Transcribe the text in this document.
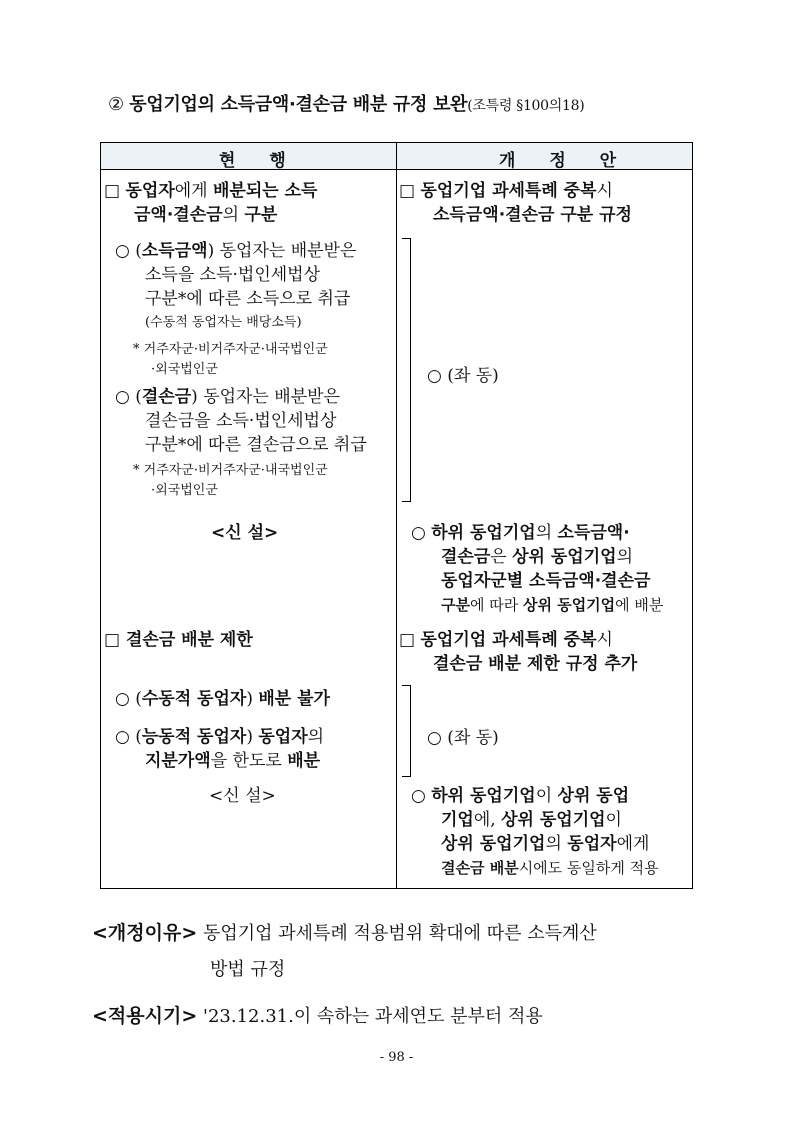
② 동업기업의 소득금액·결손금 배분 규정 보완(조특령 §100의18)
현 행	개 정 안
□ 동업자에게 배분되는 소득
금액·결손금의 구분
○ (소득금액) 동업자는 배분받은
소득을 소득·법인세법상
구분*에 따른 소득으로 취급
(수동적 동업자는 배당소득)
* 거주자군·비거주자군·내국법인군
·외국법인군
○ (결손금) 동업자는 배분받은
결손금을 소득·법인세법상
구분*에 따른 결손금으로 취급
* 거주자군·비거주자군·내국법인군
·외국법인군
<신 설>
□ 결손금 배분 제한
○ (수동적 동업자) 배분 불가
○ (능동적 동업자) 동업자의
지분가액을 한도로 배분
<신 설>
□ 동업기업 과세특례 중복시
소득금액·결손금 구분 규정
○ (좌 동)
○ 하위 동업기업의 소득금액·
결손금은 상위 동업기업의
동업자군별 소득금액·결손금
구분에 따라 상위 동업기업에 배분
□ 동업기업 과세특례 중복시
결손금 배분 제한 규정 추가
○ (좌 동)
○ 하위 동업기업이 상위 동업
기업에, 상위 동업기업이
상위 동업기업의 동업자에게
결손금 배분시에도 동일하게 적용
<개정이유> 동업기업 과세특례 적용범위 확대에 따른 소득계산
방법 규정
<적용시기> '23.12.31.이 속하는 과세연도 분부터 적용
- 98 -
